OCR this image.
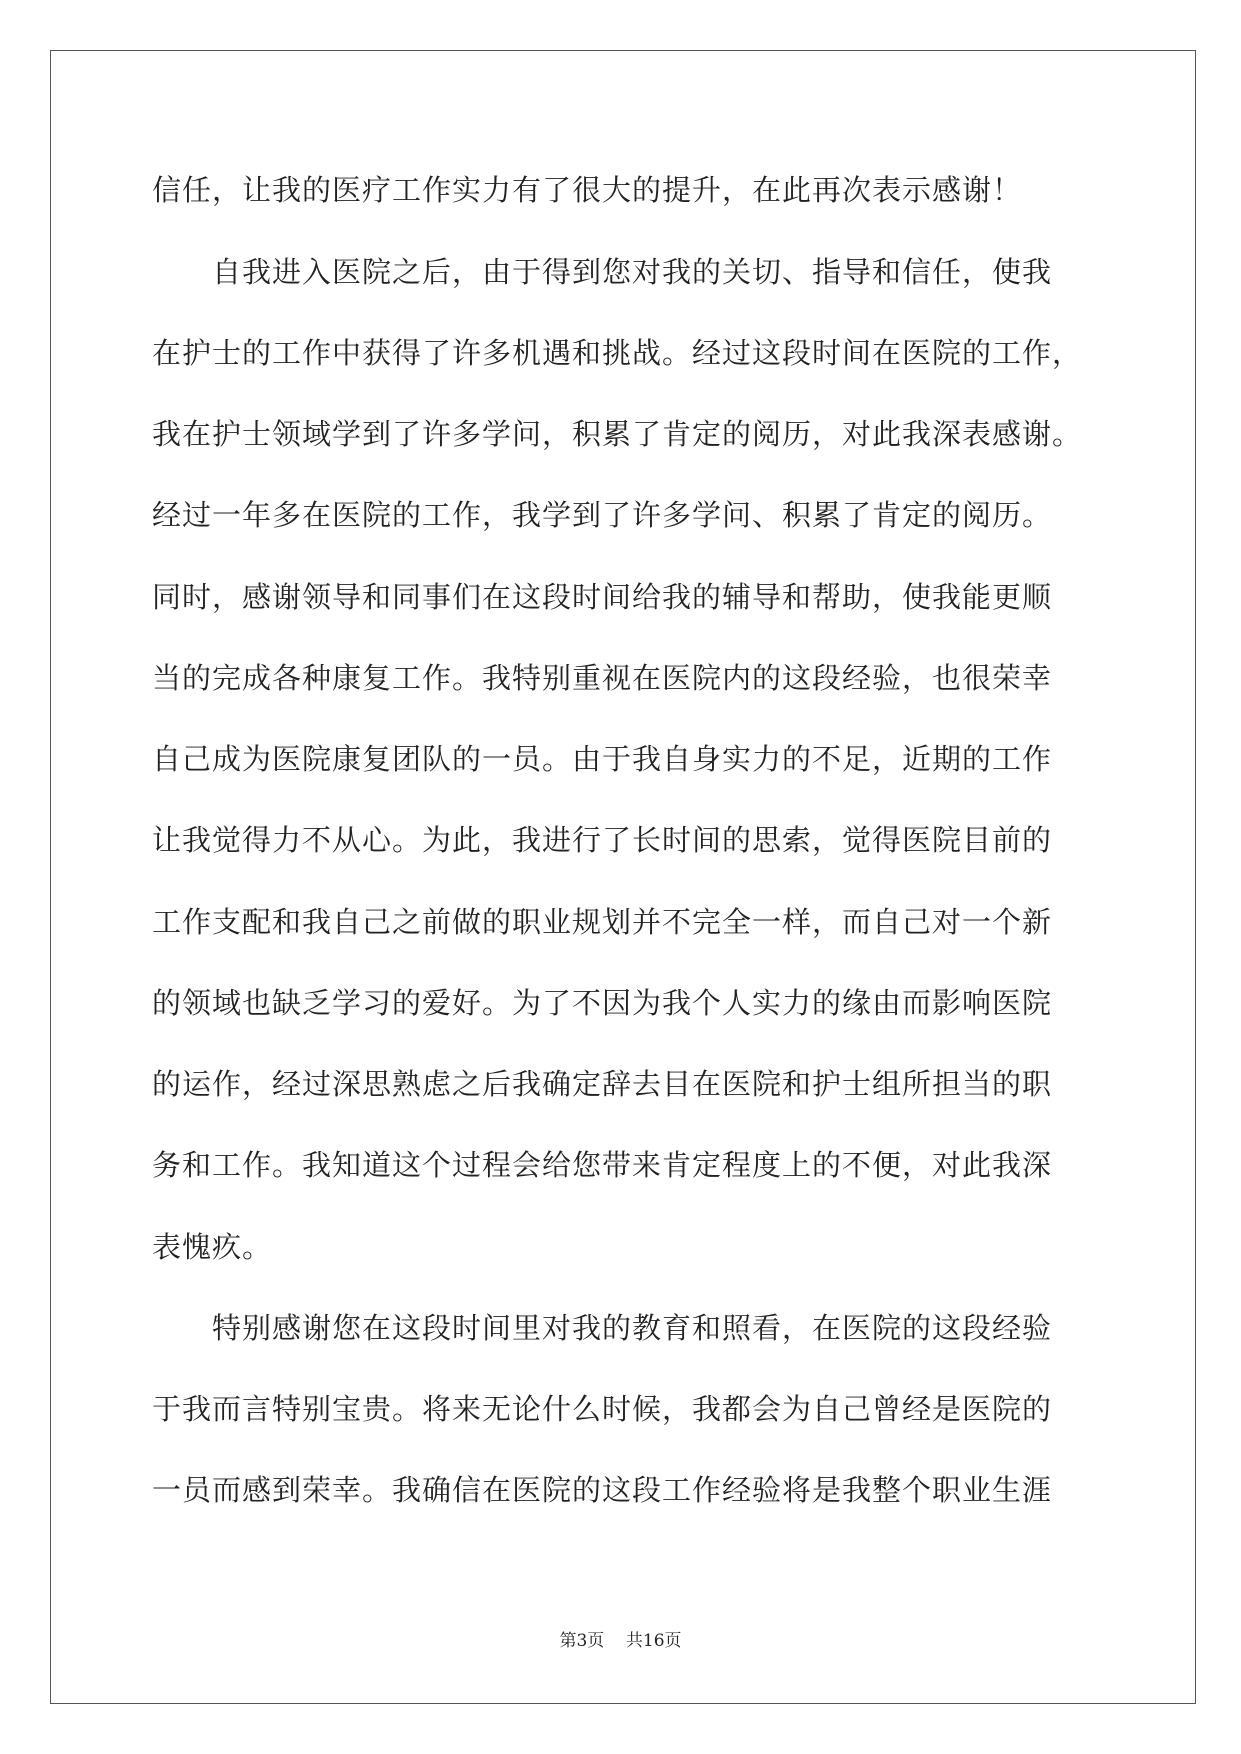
信任，让我的医疗工作实力有了很大的提升，在此再次表示感谢！
　　自我进入医院之后，由于得到您对我的关切、指导和信任，使我
在护士的工作中获得了许多机遇和挑战。经过这段时间在医院的工作，
我在护士领域学到了许多学问，积累了肯定的阅历，对此我深表感谢。
经过一年多在医院的工作，我学到了许多学问、积累了肯定的阅历。
同时，感谢领导和同事们在这段时间给我的辅导和帮助，使我能更顺
当的完成各种康复工作。我特别重视在医院内的这段经验，也很荣幸
自己成为医院康复团队的一员。由于我自身实力的不足，近期的工作
让我觉得力不从心。为此，我进行了长时间的思索，觉得医院目前的
工作支配和我自己之前做的职业规划并不完全一样，而自己对一个新
的领域也缺乏学习的爱好。为了不因为我个人实力的缘由而影响医院
的运作，经过深思熟虑之后我确定辞去目在医院和护士组所担当的职
务和工作。我知道这个过程会给您带来肯定程度上的不便，对此我深
表愧疚。
　　特别感谢您在这段时间里对我的教育和照看，在医院的这段经验
于我而言特别宝贵。将来无论什么时候，我都会为自己曾经是医院的
一员而感到荣幸。我确信在医院的这段工作经验将是我整个职业生涯
第3页 共16页
